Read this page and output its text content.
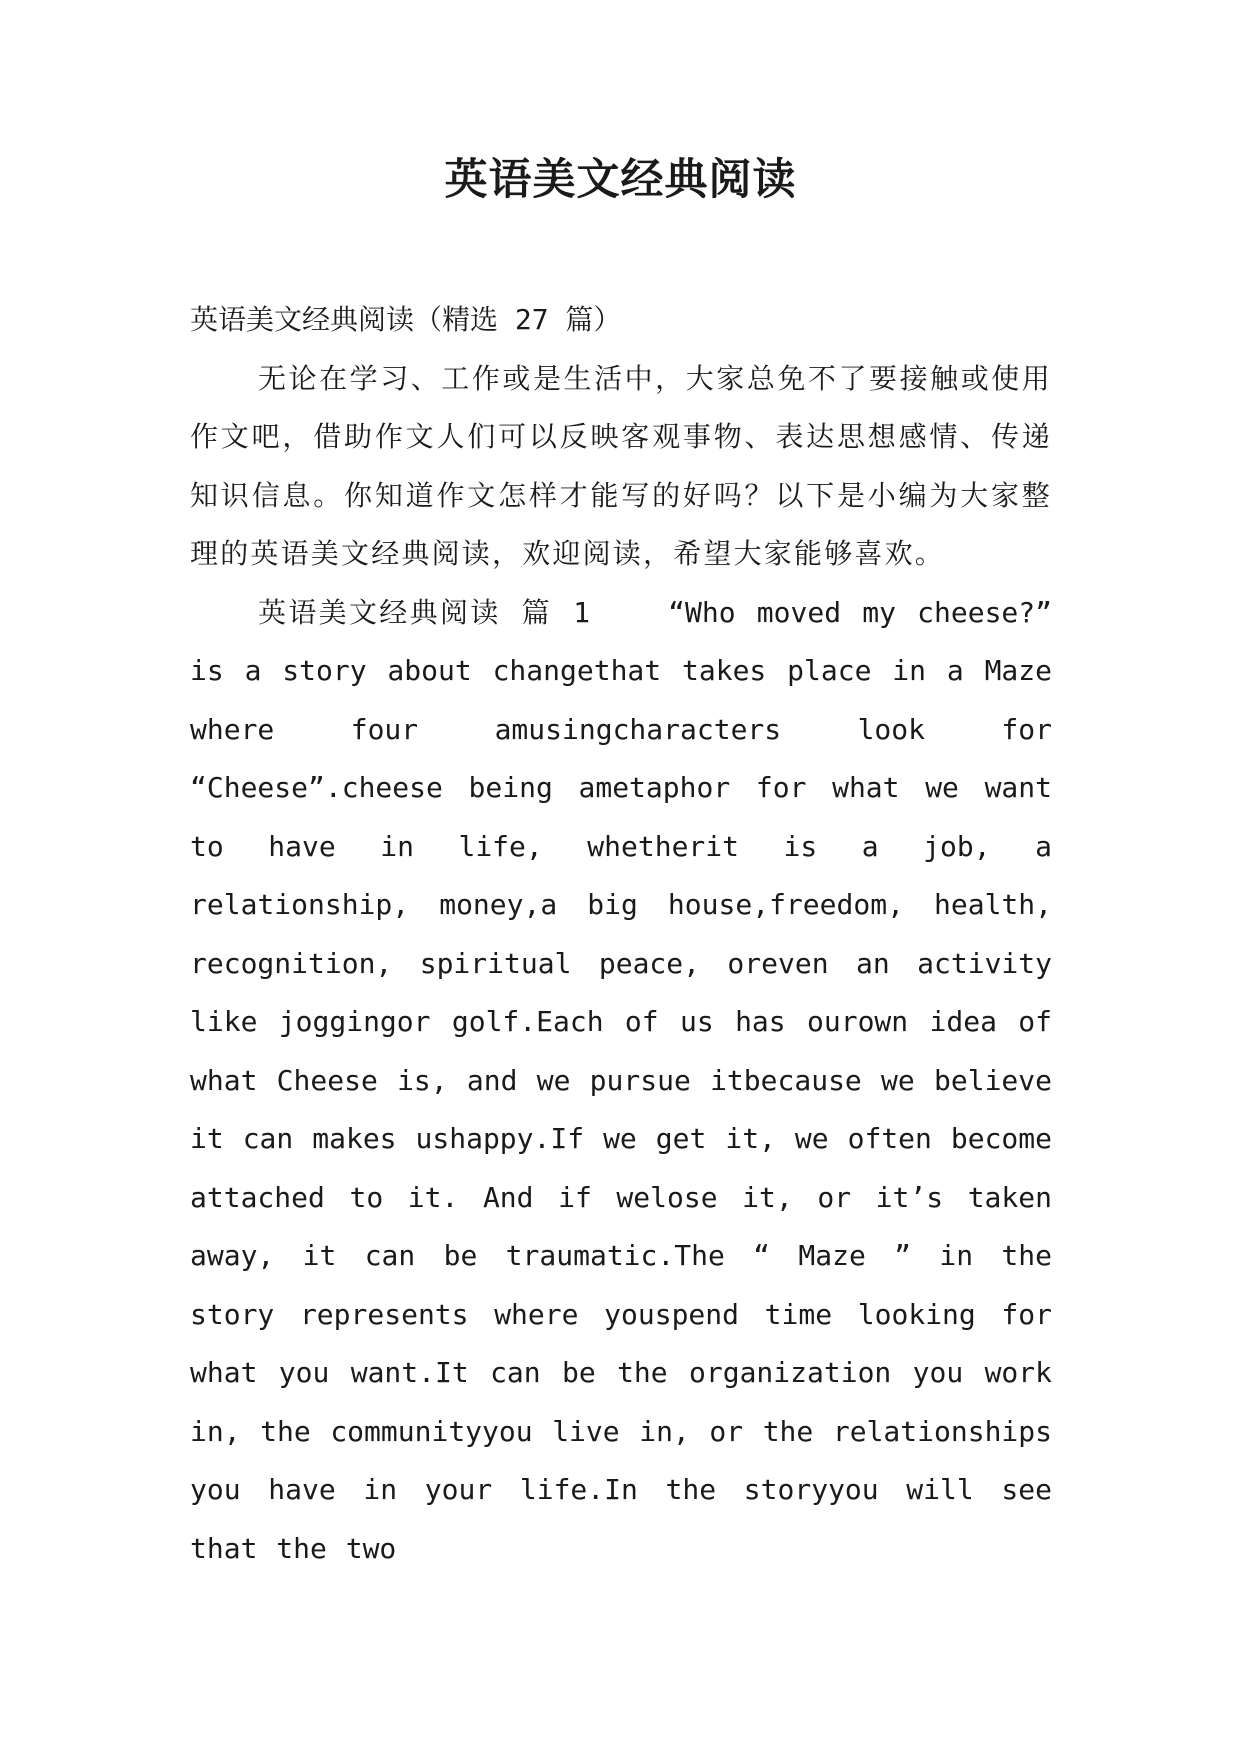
英语美文经典阅读

英语美文经典阅读（精选 27 篇）

无论在学习、工作或是生活中，大家总免不了要接触或使用作文吧，借助作文人们可以反映客观事物、表达思想感情、传递知识信息。你知道作文怎样才能写的好吗？以下是小编为大家整理的英语美文经典阅读，欢迎阅读，希望大家能够喜欢。

英语美文经典阅读 篇 1	“Who moved my cheese?” is a story about changethat takes place in a Maze where four amusingcharacters look for “Cheese”.cheese being ametaphor for what we want to have in life, whetherit is a job, a relationship, money,a big house,freedom, health, recognition, spiritual peace, oreven an activity like joggingor golf.Each of us has ourown idea of what Cheese is, and we pursue itbecause we believe it can makes ushappy.If we get it, we often become attached to it. And if welose it, or it’s taken away, it can be traumatic.The “ Maze ” in the story represents where youspend time looking for what you want.It can be the organization you work in, the communityyou live in, or the relationships you have in your life.In the storyyou will see that the two
